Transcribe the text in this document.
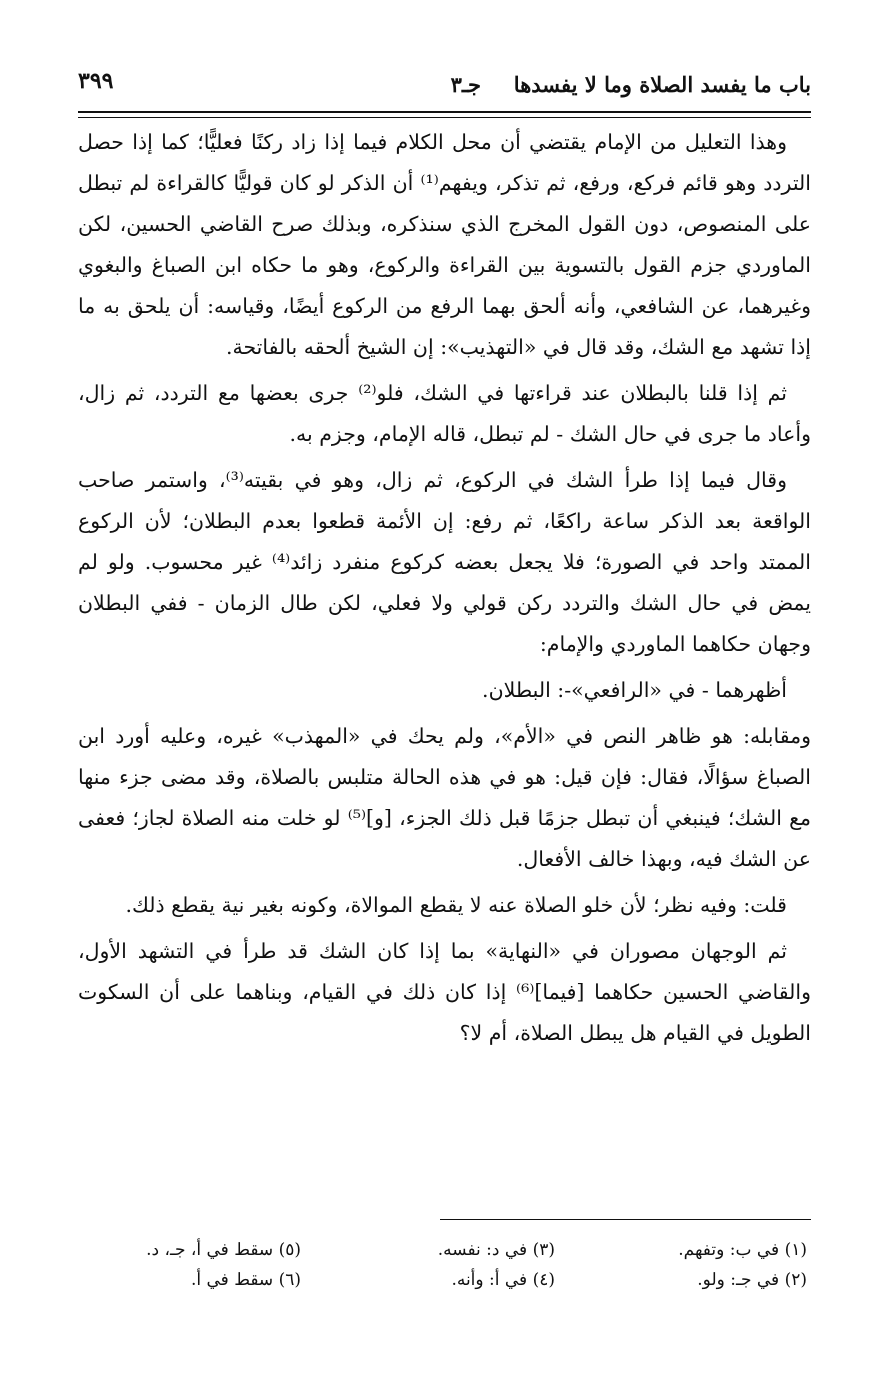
باب ما يفسد الصلاة وما لا يفسدها
جـ٣
٣٩٩

وهذا التعليل من الإمام يقتضي أن محل الكلام فيما إذا زاد ركنًا فعليًّا؛ كما إذا حصل التردد وهو قائم فركع، ورفع، ثم تذكر، ويفهم⁽¹⁾ أن الذكر لو كان قوليًّا كالقراءة لم تبطل على المنصوص، دون القول المخرج الذي سنذكره، وبذلك صرح القاضي الحسين، لكن الماوردي جزم القول بالتسوية بين القراءة والركوع، وهو ما حكاه ابن الصباغ والبغوي وغيرهما، عن الشافعي، وأنه ألحق بهما الرفع من الركوع أيضًا، وقياسه: أن يلحق به ما إذا تشهد مع الشك، وقد قال في «التهذيب»: إن الشيخ ألحقه بالفاتحة.

ثم إذا قلنا بالبطلان عند قراءتها في الشك، فلو⁽²⁾ جرى بعضها مع التردد، ثم زال، وأعاد ما جرى في حال الشك - لم تبطل، قاله الإمام، وجزم به.

وقال فيما إذا طرأ الشك في الركوع، ثم زال، وهو في بقيته⁽³⁾، واستمر صاحب الواقعة بعد الذكر ساعة راكعًا، ثم رفع: إن الأئمة قطعوا بعدم البطلان؛ لأن الركوع الممتد واحد في الصورة؛ فلا يجعل بعضه كركوع منفرد زائد⁽⁴⁾ غير محسوب. ولو لم يمض في حال الشك والتردد ركن قولي ولا فعلي، لكن طال الزمان - ففي البطلان وجهان حكاهما الماوردي والإمام:

أظهرهما - في «الرافعي»-: البطلان.

ومقابله: هو ظاهر النص في «الأم»، ولم يحك في «المهذب» غيره، وعليه أورد ابن الصباغ سؤالًا، فقال: فإن قيل: هو في هذه الحالة متلبس بالصلاة، وقد مضى جزء منها مع الشك؛ فينبغي أن تبطل جزمًا قبل ذلك الجزء، [و]⁽⁵⁾ لو خلت منه الصلاة لجاز؛ فعفى عن الشك فيه، وبهذا خالف الأفعال.

قلت: وفيه نظر؛ لأن خلو الصلاة عنه لا يقطع الموالاة، وكونه بغير نية يقطع ذلك.

ثم الوجهان مصوران في «النهاية» بما إذا كان الشك قد طرأ في التشهد الأول، والقاضي الحسين حكاهما [فيما]⁽⁶⁾ إذا كان ذلك في القيام، وبناهما على أن السكوت الطويل في القيام هل يبطل الصلاة، أم لا؟

(١) في ب: وتفهم.
(٢) في جـ: ولو.
(٣) في د: نفسه.
(٤) في أ: وأنه.
(٥) سقط في أ، جـ، د.
(٦) سقط في أ.
